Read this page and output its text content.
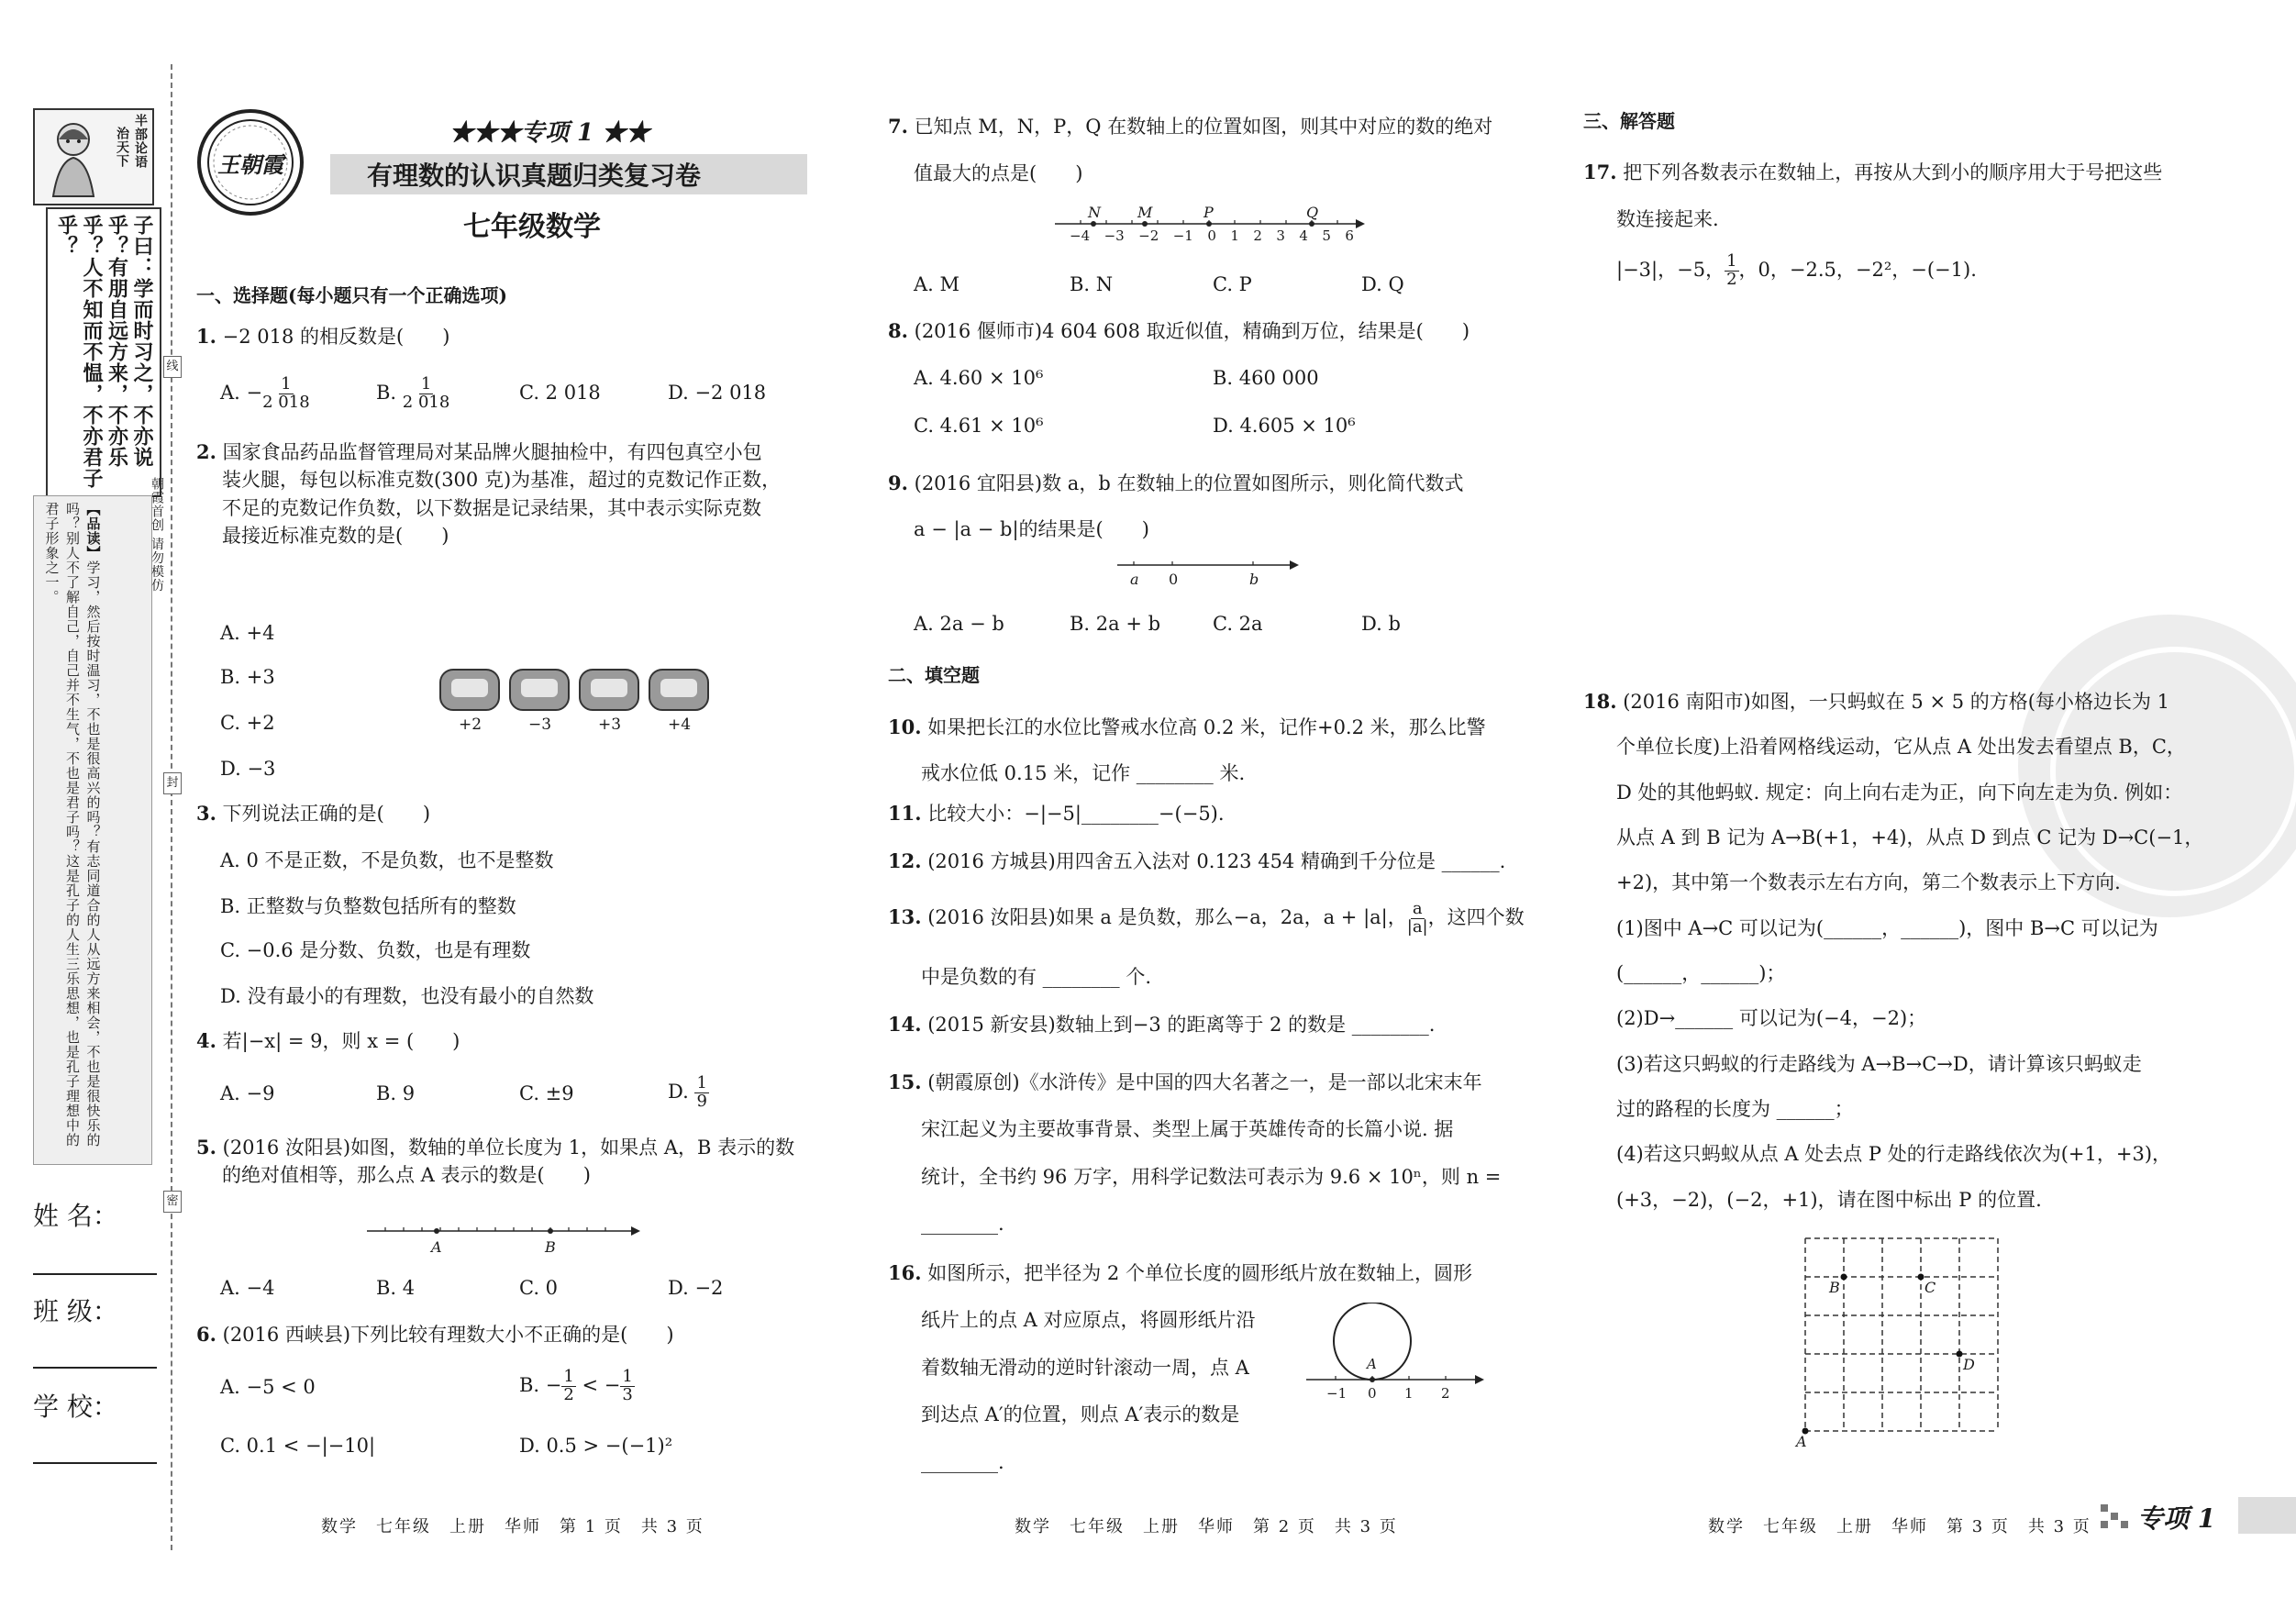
半部论语
治天下
子曰：学而时习之，不亦说乎？有朋自远方来，不亦乐乎？人不知而不愠，不亦君子乎？
【品读】学习，然后按时温习，不也是很高兴的吗？有志同道合的人从远方来相会，不也是很快乐的吗？别人不了解自己，自己并不生气，不也是君子吗？这是孔子的人生三乐思想，也是孔子理想中的君子形象之一。
姓 名：
班 级：
学 校：
线
朝霞首创 请勿模仿
封
密
王朝霞
★★★专项 1 ★★
有理数的认识真题归类复习卷
七年级数学
一、选择题(每小题只有一个正确选项)
1. −2 018 的相反数是(　　)
A. − $\frac{1}{2 018}$	B. $\frac{1}{2 018}$	C. 2 018	D. −2 018
2. 国家食品药品监督管理局对某品牌火腿抽检中，有四包真空小包
装火腿，每包以标准克数(300 克)为基准，超过的克数记作正数，
不足的克数记作负数，以下数据是记录结果，其中表示实际克数
最接近标准克数的是(　　)
A. +4
B. +3
C. +2
D. −3
+2	−3	+3	+4
3. 下列说法正确的是(　　)
A. 0 不是正数，不是负数，也不是整数
B. 正整数与负整数包括所有的整数
C. −0.6 是分数、负数，也是有理数
D. 没有最小的有理数，也没有最小的自然数
4. 若|−x| = 9，则 x = (　　)
A. −9	B. 9	C. ±9	D. $\frac{1}{9}$
5. (2016 汝阳县)如图，数轴的单位长度为 1，如果点 A，B 表示的数
的绝对值相等，那么点 A 表示的数是(　　)
A	B
A. −4	B. 4	C. 0	D. −2
6. (2016 西峡县)下列比较有理数大小不正确的是(　　)
A. −5 < 0	B. − $\frac{1}{2}$ < − $\frac{1}{3}$
C. 0.1 < −|−10|	D. 0.5 > −(−1)²
数学　七年级　上册　华师　第 1 页　共 3 页
7. 已知点 M，N，P，Q 在数轴上的位置如图，则其中对应的数的绝对
值最大的点是(　　)
N	M	P	Q
−4 −3 −2 −1 0 1 2 3 4 5 6
A. M	B. N	C. P	D. Q
8. (2016 偃师市)4 604 608 取近似值，精确到万位，结果是(　　)
A. 4.60 × 10⁶	B. 460 000
C. 4.61 × 10⁶	D. 4.605 × 10⁶
9. (2016 宜阳县)数 a，b 在数轴上的位置如图所示，则化简代数式
a − |a − b|的结果是(　　)
a 0	b
A. 2a − b	B. 2a + b	C. 2a	D. b
二、填空题
10. 如果把长江的水位比警戒水位高 0.2 米，记作+0.2 米，那么比警
戒水位低 0.15 米，记作 ________ 米.
11. 比较大小：−|−5|________−(−5).
12. (2016 方城县)用四舍五入法对 0.123 454 精确到千分位是 ______.
13. (2016 汝阳县)如果 a 是负数，那么−a，2a，a + |a|， $\frac{a}{|a|}$ ，这四个数
中是负数的有 ________ 个.
14. (2015 新安县)数轴上到−3 的距离等于 2 的数是 ________.
15. (朝霞原创)《水浒传》是中国的四大名著之一，是一部以北宋末年
宋江起义为主要故事背景、类型上属于英雄传奇的长篇小说. 据
统计，全书约 96 万字，用科学记数法可表示为 9.6 × 10ⁿ，则 n =
________.
16. 如图所示，把半径为 2 个单位长度的圆形纸片放在数轴上，圆形
纸片上的点 A 对应原点，将圆形纸片沿
着数轴无滑动的逆时针滚动一周，点 A
到达点 A′的位置，则点 A′表示的数是
________.
A
−1 0 1 2
数学　七年级　上册　华师　第 2 页　共 3 页
三、解答题
17. 把下列各数表示在数轴上，再按从大到小的顺序用大于号把这些
数连接起来.
|−3|，−5， $\frac{1}{2}$ ，0，−2.5，−2²，−(−1).
18. (2016 南阳市)如图，一只蚂蚁在 5 × 5 的方格(每小格边长为 1
个单位长度)上沿着网格线运动，它从点 A 处出发去看望点 B，C，
D 处的其他蚂蚁. 规定：向上向右走为正，向下向左走为负. 例如：
从点 A 到 B 记为 A→B(+1，+4)，从点 D 到点 C 记为 D→C(−1，
+2)，其中第一个数表示左右方向，第二个数表示上下方向.
(1)图中 A→C 可以记为(______，______)，图中 B→C 可以记为
(______，______)；
(2)D→______ 可以记为(−4，−2)；
(3)若这只蚂蚁的行走路线为 A→B→C→D，请计算该只蚂蚁走
过的路程的长度为 ______；
(4)若这只蚂蚁从点 A 处去点 P 处的行走路线依次为(+1，+3)，
(+3，−2)，(−2，+1)，请在图中标出 P 的位置.
A
B	C
D
数学　七年级　上册　华师　第 3 页　共 3 页 专项 1
